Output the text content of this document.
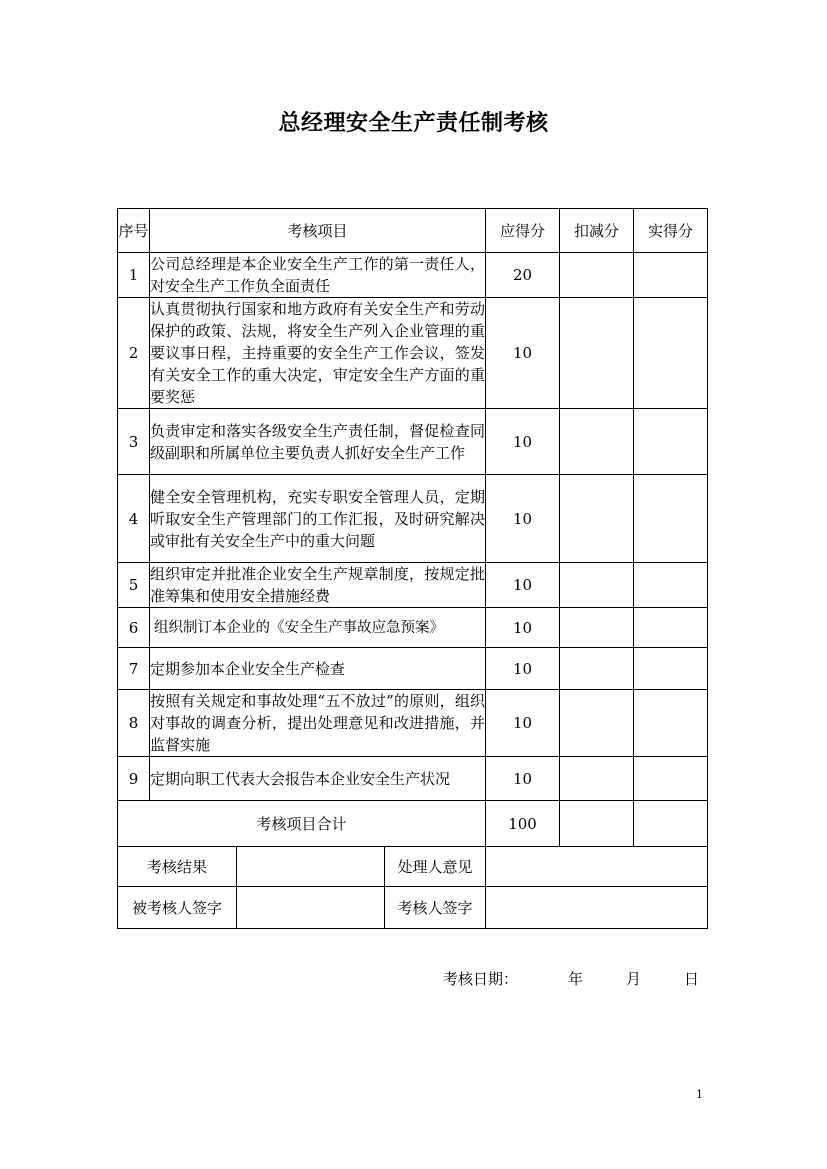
总经理安全生产责任制考核
序号	考核项目			应得分	扣减分	实得分
1	公司总经理是本企业安全生产工作的第一责任人，对安全生产工作负全面责任			20		
2	认真贯彻执行国家和地方政府有关安全生产和劳动保护的政策、法规，将安全生产列入企业管理的重要议事日程，主持重要的安全生产工作会议，签发有关安全工作的重大决定，审定安全生产方面的重要奖惩			10		
3	负责审定和落实各级安全生产责任制，督促检查同级副职和所属单位主要负责人抓好安全生产工作			10		
4	健全安全管理机构，充实专职安全管理人员，定期听取安全生产管理部门的工作汇报，及时研究解决或审批有关安全生产中的重大问题			10		
5	组织审定并批准企业安全生产规章制度，按规定批准筹集和使用安全措施经费			10		
6	组织制订本企业的《安全生产事故应急预案》			10		
7	定期参加本企业安全生产检查			10		
8	按照有关规定和事故处理“五不放过”的原则，组织对事故的调查分析，提出处理意见和改进措施，并监督实施			10		
9	定期向职工代表大会报告本企业安全生产状况			10		
考核项目合计				100		
考核结果			处理人意见			
被考核人签字			考核人签字			
考核日期：	年	月	日
1
